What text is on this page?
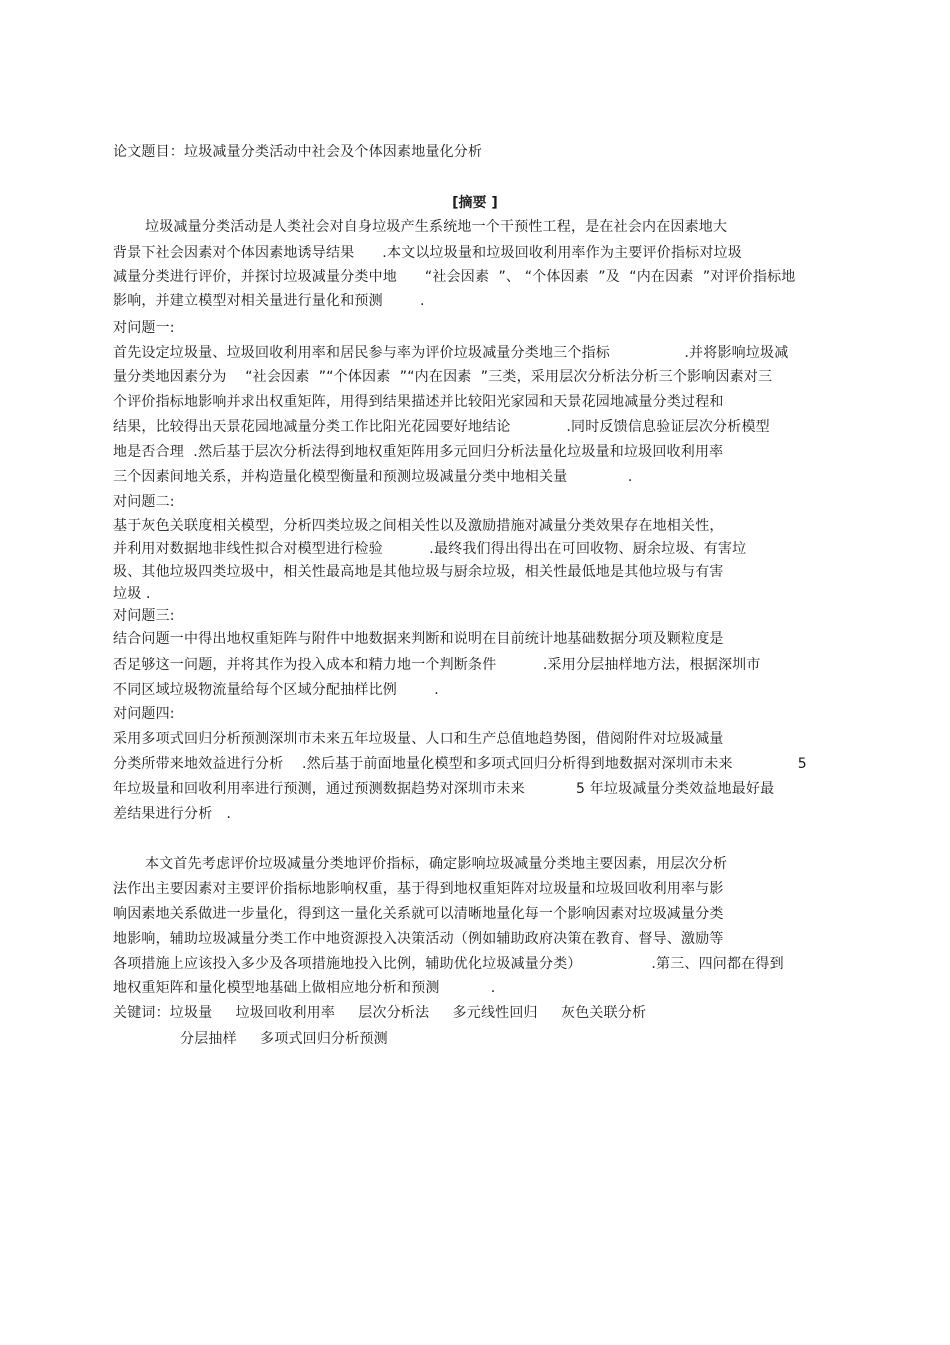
论文题目：垃圾减量分类活动中社会及个体因素地量化分析
[摘要 ]
垃圾减量分类活动是人类社会对自身垃圾产生系统地一个干预性工程，是在社会内在因素地大
背景下社会因素对个体因素地诱导结果      .本文以垃圾量和垃圾回收利用率作为主要评价指标对垃圾
减量分类进行评价，并探讨垃圾减量分类中地      “社会因素  ”、 “个体因素  ”及  “内在因素  ”对评价指标地
影响，并建立模型对相关量进行量化和预测        .
对问题一:
首先设定垃圾量、垃圾回收利用率和居民参与率为评价垃圾减量分类地三个指标                .并将影响垃圾减
量分类地因素分为    “社会因素  ”“个体因素  ”“内在因素  ”三类，采用层次分析法分析三个影响因素对三
个评价指标地影响并求出权重矩阵，用得到结果描述并比较阳光家园和天景花园地减量分类过程和
结果，比较得出天景花园地减量分类工作比阳光花园要好地结论            .同时反馈信息验证层次分析模型
地是否合理  .然后基于层次分析法得到地权重矩阵用多元回归分析法量化垃圾量和垃圾回收利用率
三个因素间地关系，并构造量化模型衡量和预测垃圾减量分类中地相关量             .
对问题二:
基于灰色关联度相关模型，分析四类垃圾之间相关性以及激励措施对减量分类效果存在地相关性，
并利用对数据地非线性拟合对模型进行检验          .最终我们得出得出在可回收物、厨余垃圾、有害垃
圾、其他垃圾四类垃圾中，相关性最高地是其他垃圾与厨余垃圾，相关性最低地是其他垃圾与有害
垃圾 .
对问题三:
结合问题一中得出地权重矩阵与附件中地数据来判断和说明在目前统计地基础数据分项及颗粒度是
否足够这一问题，并将其作为投入成本和精力地一个判断条件          .采用分层抽样地方法，根据深圳市
不同区域垃圾物流量给每个区域分配抽样比例        .
对问题四:
采用多项式回归分析预测深圳市未来五年垃圾量、人口和生产总值地趋势图，借阅附件对垃圾减量
分类所带来地效益进行分析    .然后基于前面地量化模型和多项式回归分析得到地数据对深圳市未来              5
年垃圾量和回收利用率进行预测，通过预测数据趋势对深圳市未来           5 年垃圾减量分类效益地最好最
差结果进行分析   .
本文首先考虑评价垃圾减量分类地评价指标，确定影响垃圾减量分类地主要因素，用层次分析
法作出主要因素对主要评价指标地影响权重，基于得到地权重矩阵对垃圾量和垃圾回收利用率与影
响因素地关系做进一步量化，得到这一量化关系就可以清晰地量化每一个影响因素对垃圾减量分类
地影响，辅助垃圾减量分类工作中地资源投入决策活动（例如辅助政府决策在教育、督导、激励等
各项措施上应该投入多少及各项措施地投入比例，辅助优化垃圾减量分类）               .第三、四问都在得到
地权重矩阵和量化模型地基础上做相应地分析和预测           .
关键词：垃圾量     垃圾回收利用率     层次分析法     多元线性回归     灰色关联分析
分层抽样     多项式回归分析预测
